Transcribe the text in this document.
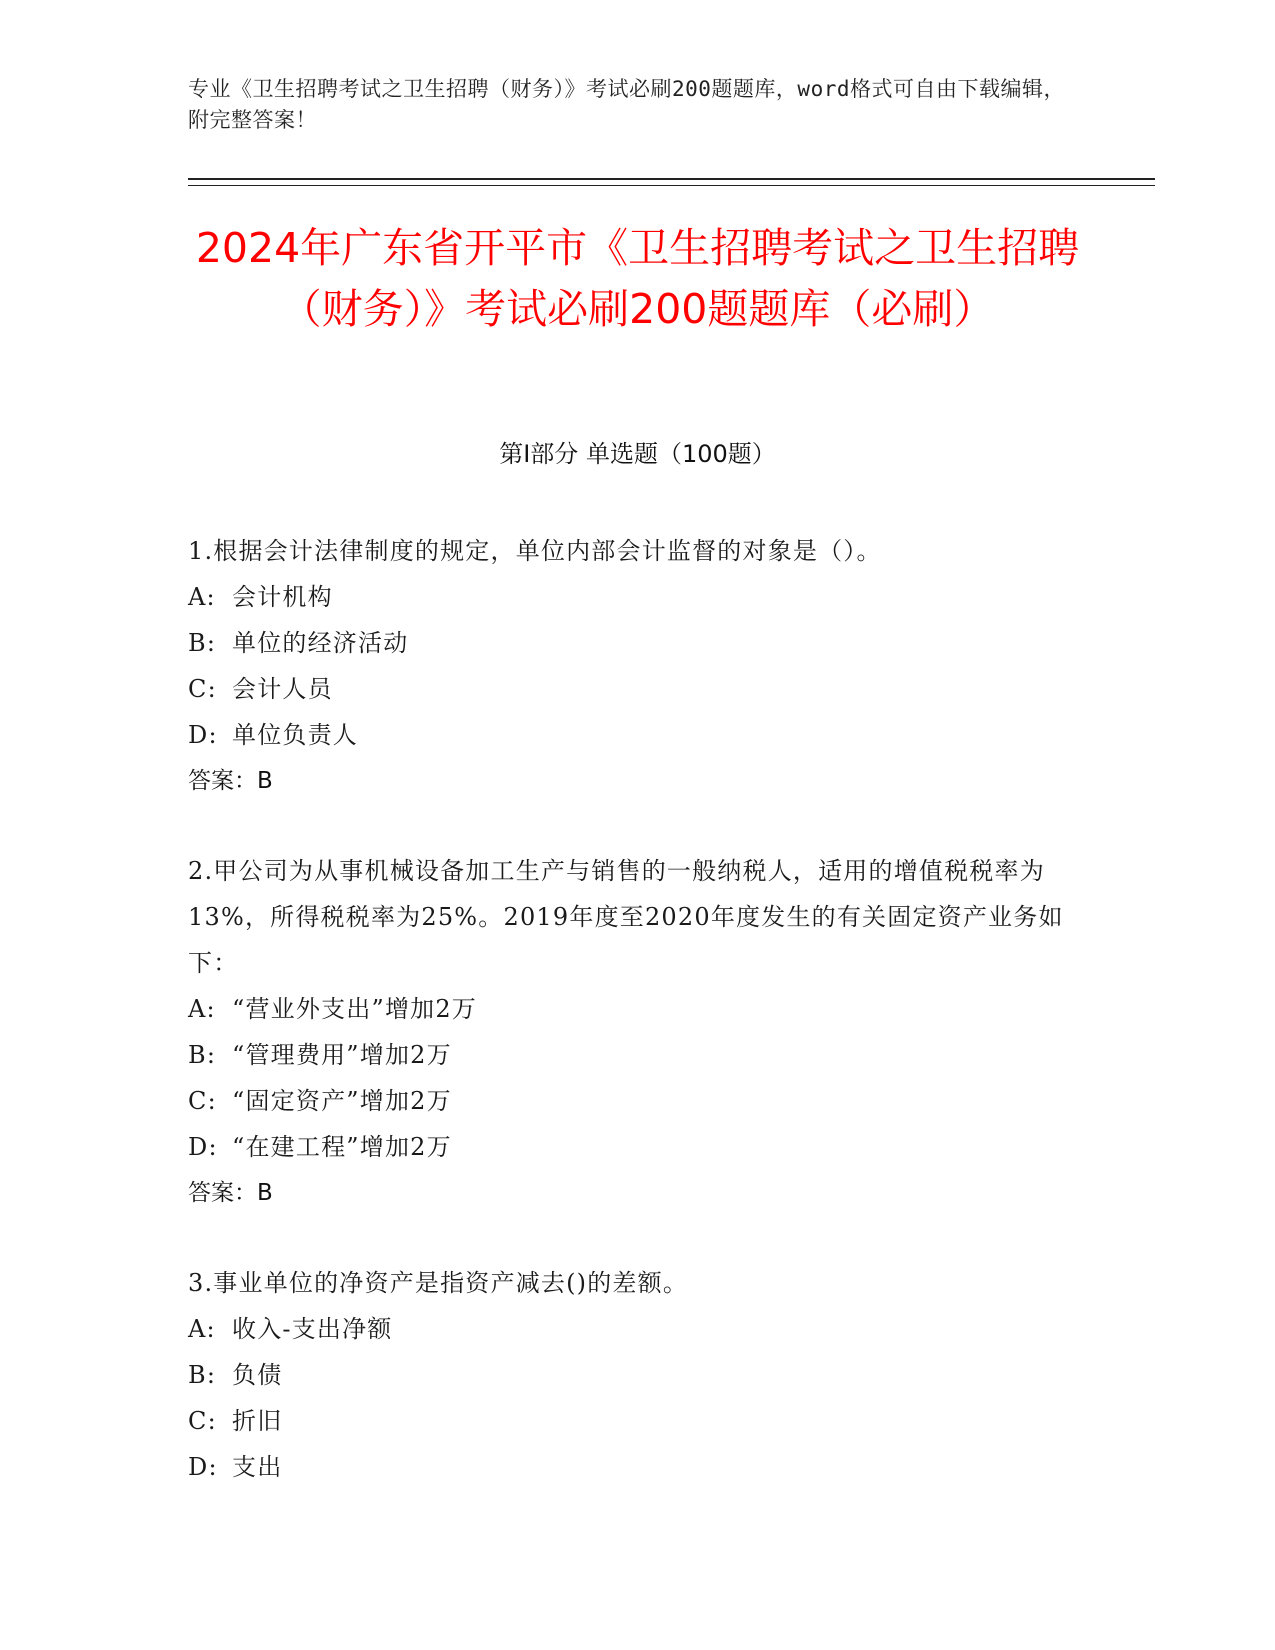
专业《卫生招聘考试之卫生招聘（财务）》考试必刷200题题库，word格式可自由下载编辑，附完整答案！
2024年广东省开平市《卫生招聘考试之卫生招聘（财务）》考试必刷200题题库（必刷）
第I部分 单选题（100题）
1.根据会计法律制度的规定，单位内部会计监督的对象是（）。
A: 会计机构
B: 单位的经济活动
C: 会计人员
D: 单位负责人
答案：B
2.甲公司为从事机械设备加工生产与销售的一般纳税人，适用的增值税税率为13%，所得税税率为25%。2019年度至2020年度发生的有关固定资产业务如下：
A: “营业外支出”增加2万
B: “管理费用”增加2万
C: “固定资产”增加2万
D: “在建工程”增加2万
答案：B
3.事业单位的净资产是指资产减去()的差额。
A: 收入-支出净额
B: 负债
C: 折旧
D: 支出
